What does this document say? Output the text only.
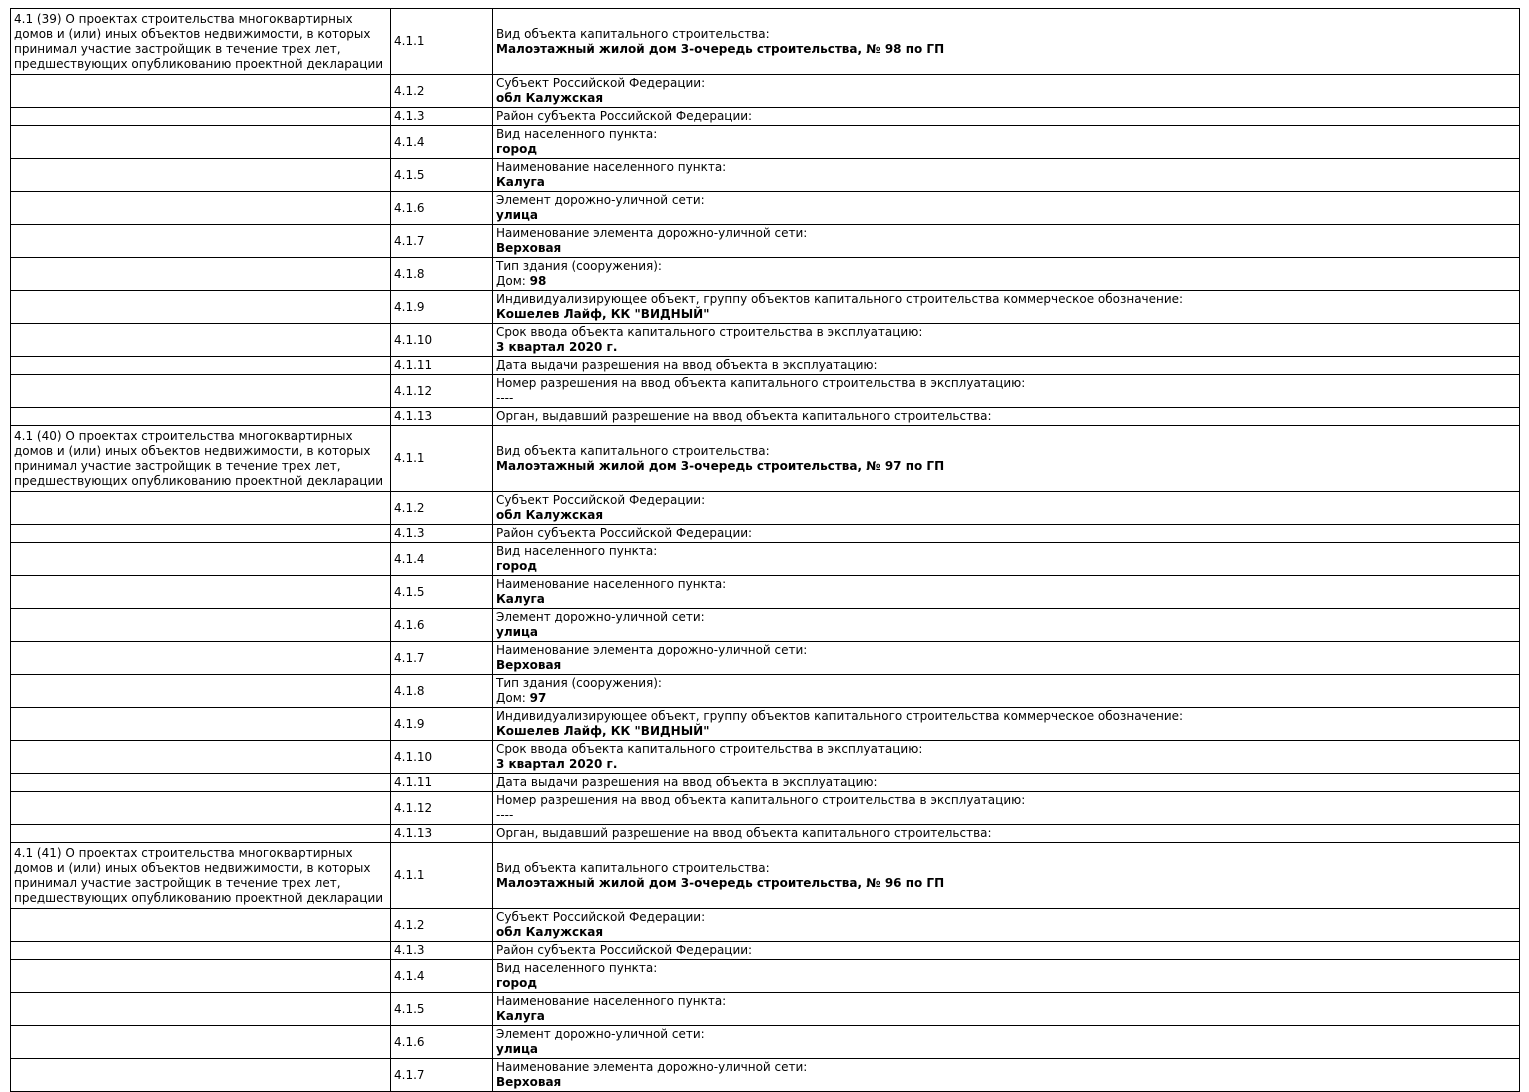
4.1 (39) О проектах строительства многоквартирных домов и (или) иных объектов недвижимости, в которых принимал участие застройщик в течение трех лет, предшествующих опубликованию проектной декларации	4.1.1	Вид объекта капитального строительства:
Малоэтажный жилой дом 3-очередь строительства, № 98 по ГП

	4.1.2	Субъект Российской Федерации:
обл Калужская

	4.1.3	Район субъекта Российской Федерации:

	4.1.4	Вид населенного пункта:
город

	4.1.5	Наименование населенного пункта:
Калуга

	4.1.6	Элемент дорожно-уличной сети:
улица

	4.1.7	Наименование элемента дорожно-уличной сети:
Верховая

	4.1.8	Тип здания (сооружения):
Дом: 98

	4.1.9	Индивидуализирующее объект, группу объектов капитального строительства коммерческое обозначение:
Кошелев Лайф, КК "ВИДНЫЙ"

	4.1.10	Срок ввода объекта капитального строительства в эксплуатацию:
3 квартал 2020 г.

	4.1.11	Дата выдачи разрешения на ввод объекта в эксплуатацию:

	4.1.12	Номер разрешения на ввод объекта капитального строительства в эксплуатацию:
----

	4.1.13	Орган, выдавший разрешение на ввод объекта капитального строительства:

4.1 (40) О проектах строительства многоквартирных домов и (или) иных объектов недвижимости, в которых принимал участие застройщик в течение трех лет, предшествующих опубликованию проектной декларации	4.1.1	Вид объекта капитального строительства:
Малоэтажный жилой дом 3-очередь строительства, № 97 по ГП

	4.1.2	Субъект Российской Федерации:
обл Калужская

	4.1.3	Район субъекта Российской Федерации:

	4.1.4	Вид населенного пункта:
город

	4.1.5	Наименование населенного пункта:
Калуга

	4.1.6	Элемент дорожно-уличной сети:
улица

	4.1.7	Наименование элемента дорожно-уличной сети:
Верховая

	4.1.8	Тип здания (сооружения):
Дом: 97

	4.1.9	Индивидуализирующее объект, группу объектов капитального строительства коммерческое обозначение:
Кошелев Лайф, КК "ВИДНЫЙ"

	4.1.10	Срок ввода объекта капитального строительства в эксплуатацию:
3 квартал 2020 г.

	4.1.11	Дата выдачи разрешения на ввод объекта в эксплуатацию:

	4.1.12	Номер разрешения на ввод объекта капитального строительства в эксплуатацию:
----

	4.1.13	Орган, выдавший разрешение на ввод объекта капитального строительства:

4.1 (41) О проектах строительства многоквартирных домов и (или) иных объектов недвижимости, в которых принимал участие застройщик в течение трех лет, предшествующих опубликованию проектной декларации	4.1.1	Вид объекта капитального строительства:
Малоэтажный жилой дом 3-очередь строительства, № 96 по ГП

	4.1.2	Субъект Российской Федерации:
обл Калужская

	4.1.3	Район субъекта Российской Федерации:

	4.1.4	Вид населенного пункта:
город

	4.1.5	Наименование населенного пункта:
Калуга

	4.1.6	Элемент дорожно-уличной сети:
улица

	4.1.7	Наименование элемента дорожно-уличной сети:
Верховая
